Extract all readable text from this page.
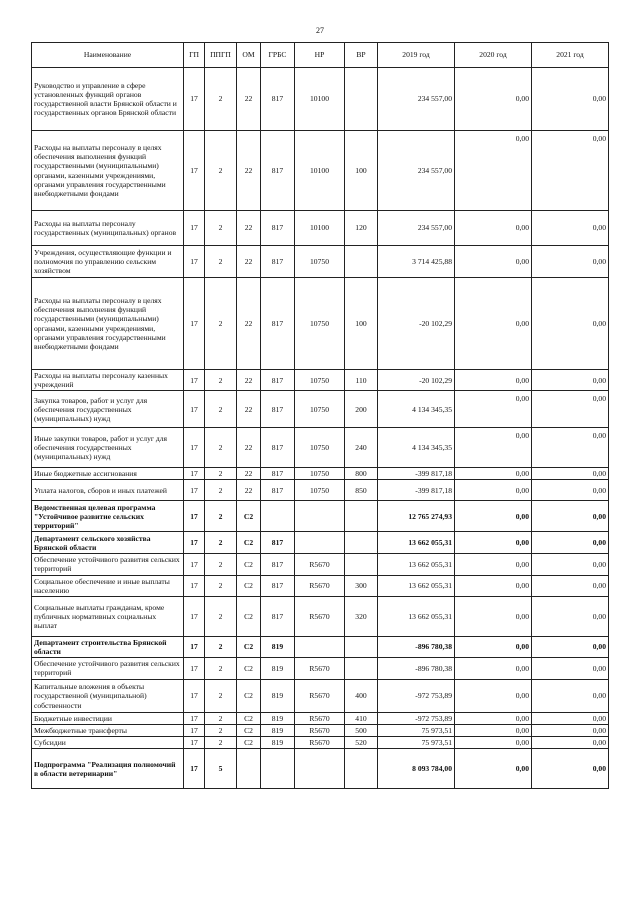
27
Наименование	ГП	ППГП	ОМ	ГРБС	НР	ВР	2019 год	2020 год	2021 год
Руководство и управление в сфере установленных функций органов государственной власти Брянской области и государственных органов Брянской области	17	2	22	817	10100		234 557,00	0,00	0,00
Расходы на выплаты персоналу в целях обеспечения выполнения функций государственными (муниципальными) органами, казенными учреждениями, органами управления государственными внебюджетными фондами	17	2	22	817	10100	100	234 557,00	0,00	0,00
Расходы на выплаты персоналу государственных (муниципальных) органов	17	2	22	817	10100	120	234 557,00	0,00	0,00
Учреждения, осуществляющие функции и полномочия по управлению сельским хозяйством	17	2	22	817	10750		3 714 425,88	0,00	0,00
Расходы на выплаты персоналу в целях обеспечения выполнения функций государственными (муниципальными) органами, казенными учреждениями, органами управления государственными внебюджетными фондами	17	2	22	817	10750	100	-20 102,29	0,00	0,00
Расходы на выплаты персоналу казенных учреждений	17	2	22	817	10750	110	-20 102,29	0,00	0,00
Закупка товаров, работ и услуг для обеспечения государственных (муниципальных) нужд	17	2	22	817	10750	200	4 134 345,35	0,00	0,00
Иные закупки товаров, работ и услуг для обеспечения государственных (муниципальных) нужд	17	2	22	817	10750	240	4 134 345,35	0,00	0,00
Иные бюджетные ассигнования	17	2	22	817	10750	800	-399 817,18	0,00	0,00
Уплата налогов, сборов и иных платежей	17	2	22	817	10750	850	-399 817,18	0,00	0,00
Ведомственная целевая программа "Устойчивое развитие сельских территорий"	17	2	С2				12 765 274,93	0,00	0,00
Департамент сельского хозяйства Брянской области	17	2	С2	817			13 662 055,31	0,00	0,00
Обеспечение устойчивого развития сельских территорий	17	2	С2	817	R5670		13 662 055,31	0,00	0,00
Социальное обеспечение и иные выплаты населению	17	2	С2	817	R5670	300	13 662 055,31	0,00	0,00
Социальные выплаты гражданам, кроме публичных нормативных социальных выплат	17	2	С2	817	R5670	320	13 662 055,31	0,00	0,00
Департамент строительства Брянской области	17	2	С2	819			-896 780,38	0,00	0,00
Обеспечение устойчивого развития сельских территорий	17	2	С2	819	R5670		-896 780,38	0,00	0,00
Капитальные вложения в объекты государственной (муниципальной) собственности	17	2	С2	819	R5670	400	-972 753,89	0,00	0,00
Бюджетные инвестиции	17	2	С2	819	R5670	410	-972 753,89	0,00	0,00
Межбюджетные трансферты	17	2	С2	819	R5670	500	75 973,51	0,00	0,00
Субсидии	17	2	С2	819	R5670	520	75 973,51	0,00	0,00
Подпрограмма "Реализация полномочий в области ветеринарии"	17	5					8 093 784,00	0,00	0,00
